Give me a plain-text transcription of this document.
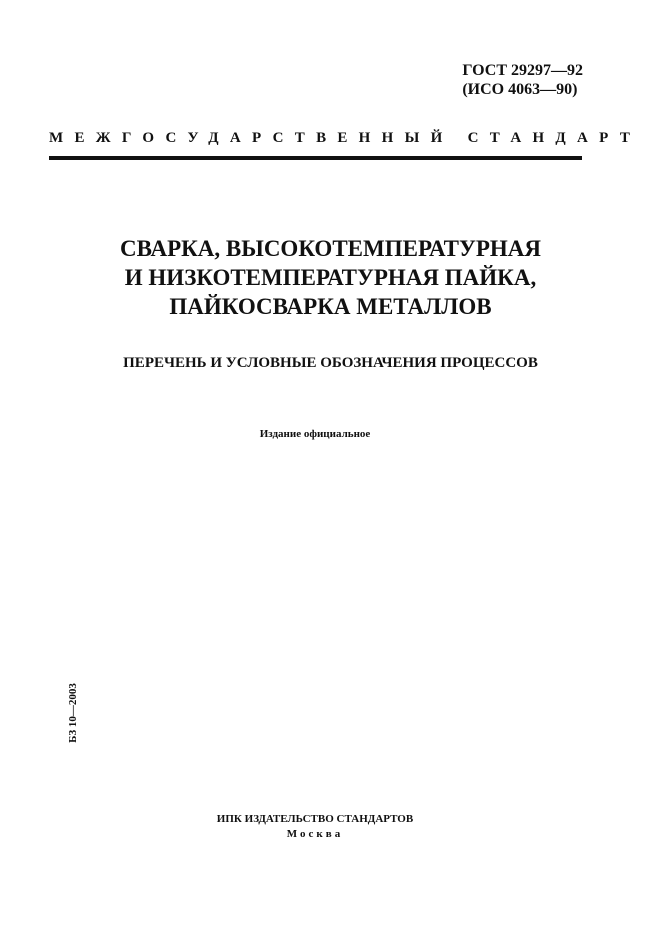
ГОСТ 29297—92
(ИСО 4063—90)
МЕЖГОСУДАРСТВЕННЫЙ СТАНДАРТ
СВАРКА, ВЫСОКОТЕМПЕРАТУРНАЯ
И НИЗКОТЕМПЕРАТУРНАЯ ПАЙКА,
ПАЙКОСВАРКА МЕТАЛЛОВ
ПЕРЕЧЕНЬ И УСЛОВНЫЕ ОБОЗНАЧЕНИЯ ПРОЦЕССОВ
Издание официальное
БЗ 10—2003
ИПК ИЗДАТЕЛЬСТВО СТАНДАРТОВ
Москва
